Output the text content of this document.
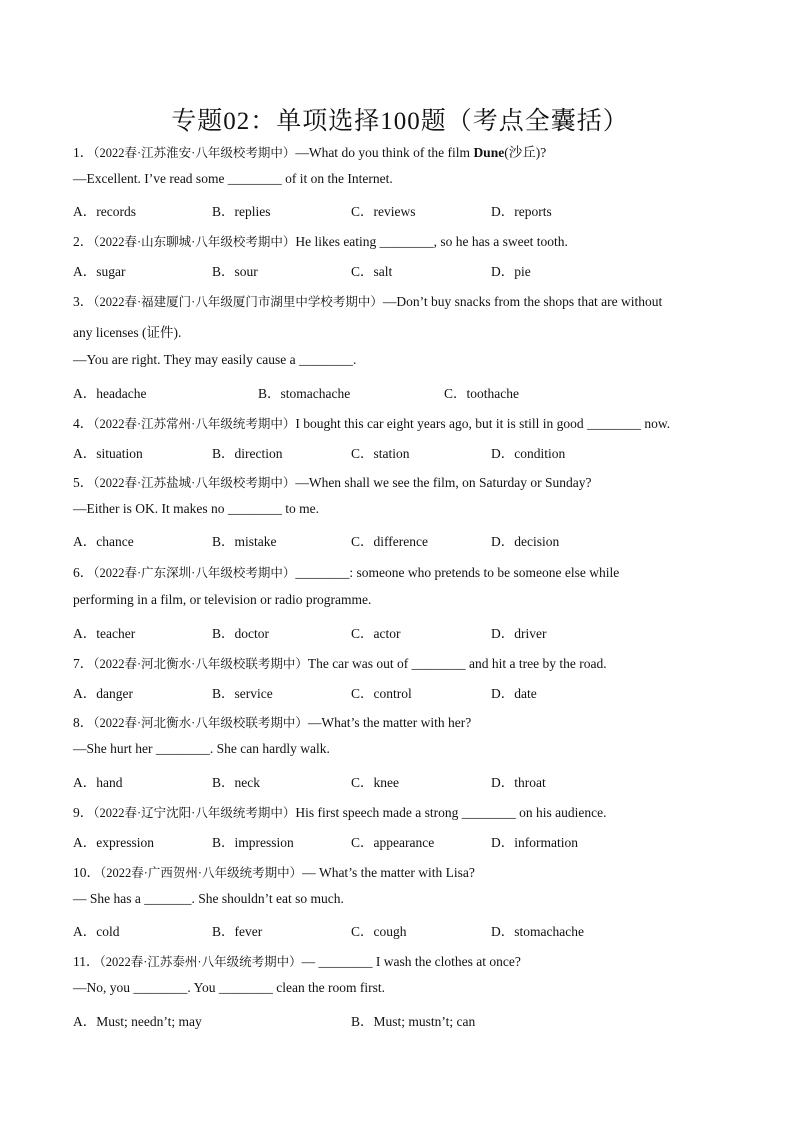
专题02：单项选择100题（考点全囊括）
1．（2022春·江苏淮安·八年级校考期中）—What do you think of the film Dune(沙丘)?
—Excellent. I’ve read some ________ of it on the Internet.
A．records	B．replies	C．reviews	D．reports
2．（2022春·山东聊城·八年级校考期中）He likes eating ________, so he has a sweet tooth.
A．sugar	B．sour	C．salt	D．pie
3．（2022春·福建厦门·八年级厦门市湖里中学校考期中）—Don’t buy snacks from the shops that are without
any licenses (证件).
—You are right. They may easily cause a ________.
A．headache	B．stomachache	C．toothache
4．（2022春·江苏常州·八年级统考期中）I bought this car eight years ago, but it is still in good ________ now.
A．situation	B．direction	C．station	D．condition
5．（2022春·江苏盐城·八年级校考期中）—When shall we see the film, on Saturday or Sunday?
—Either is OK. It makes no ________ to me.
A．chance	B．mistake	C．difference	D．decision
6．（2022春·广东深圳·八年级校考期中）________: someone who pretends to be someone else while
performing in a film, or television or radio programme.
A．teacher	B．doctor	C．actor	D．driver
7．（2022春·河北衡水·八年级校联考期中）The car was out of ________ and hit a tree by the road.
A．danger	B．service	C．control	D．date
8．（2022春·河北衡水·八年级校联考期中）—What’s the matter with her?
—She hurt her ________. She can hardly walk.
A．hand	B．neck	C．knee	D．throat
9．（2022春·辽宁沈阳·八年级统考期中）His first speech made a strong ________ on his audience.
A．expression	B．impression	C．appearance	D．information
10．（2022春·广西贺州·八年级统考期中）— What’s the matter with Lisa?
— She has a _______. She shouldn’t eat so much.
A．cold	B．fever	C．cough	D．stomachache
11．（2022春·江苏泰州·八年级统考期中）— ________ I wash the clothes at once?
—No, you ________. You ________ clean the room first.
A．Must; needn’t; may	B．Must; mustn’t; can
